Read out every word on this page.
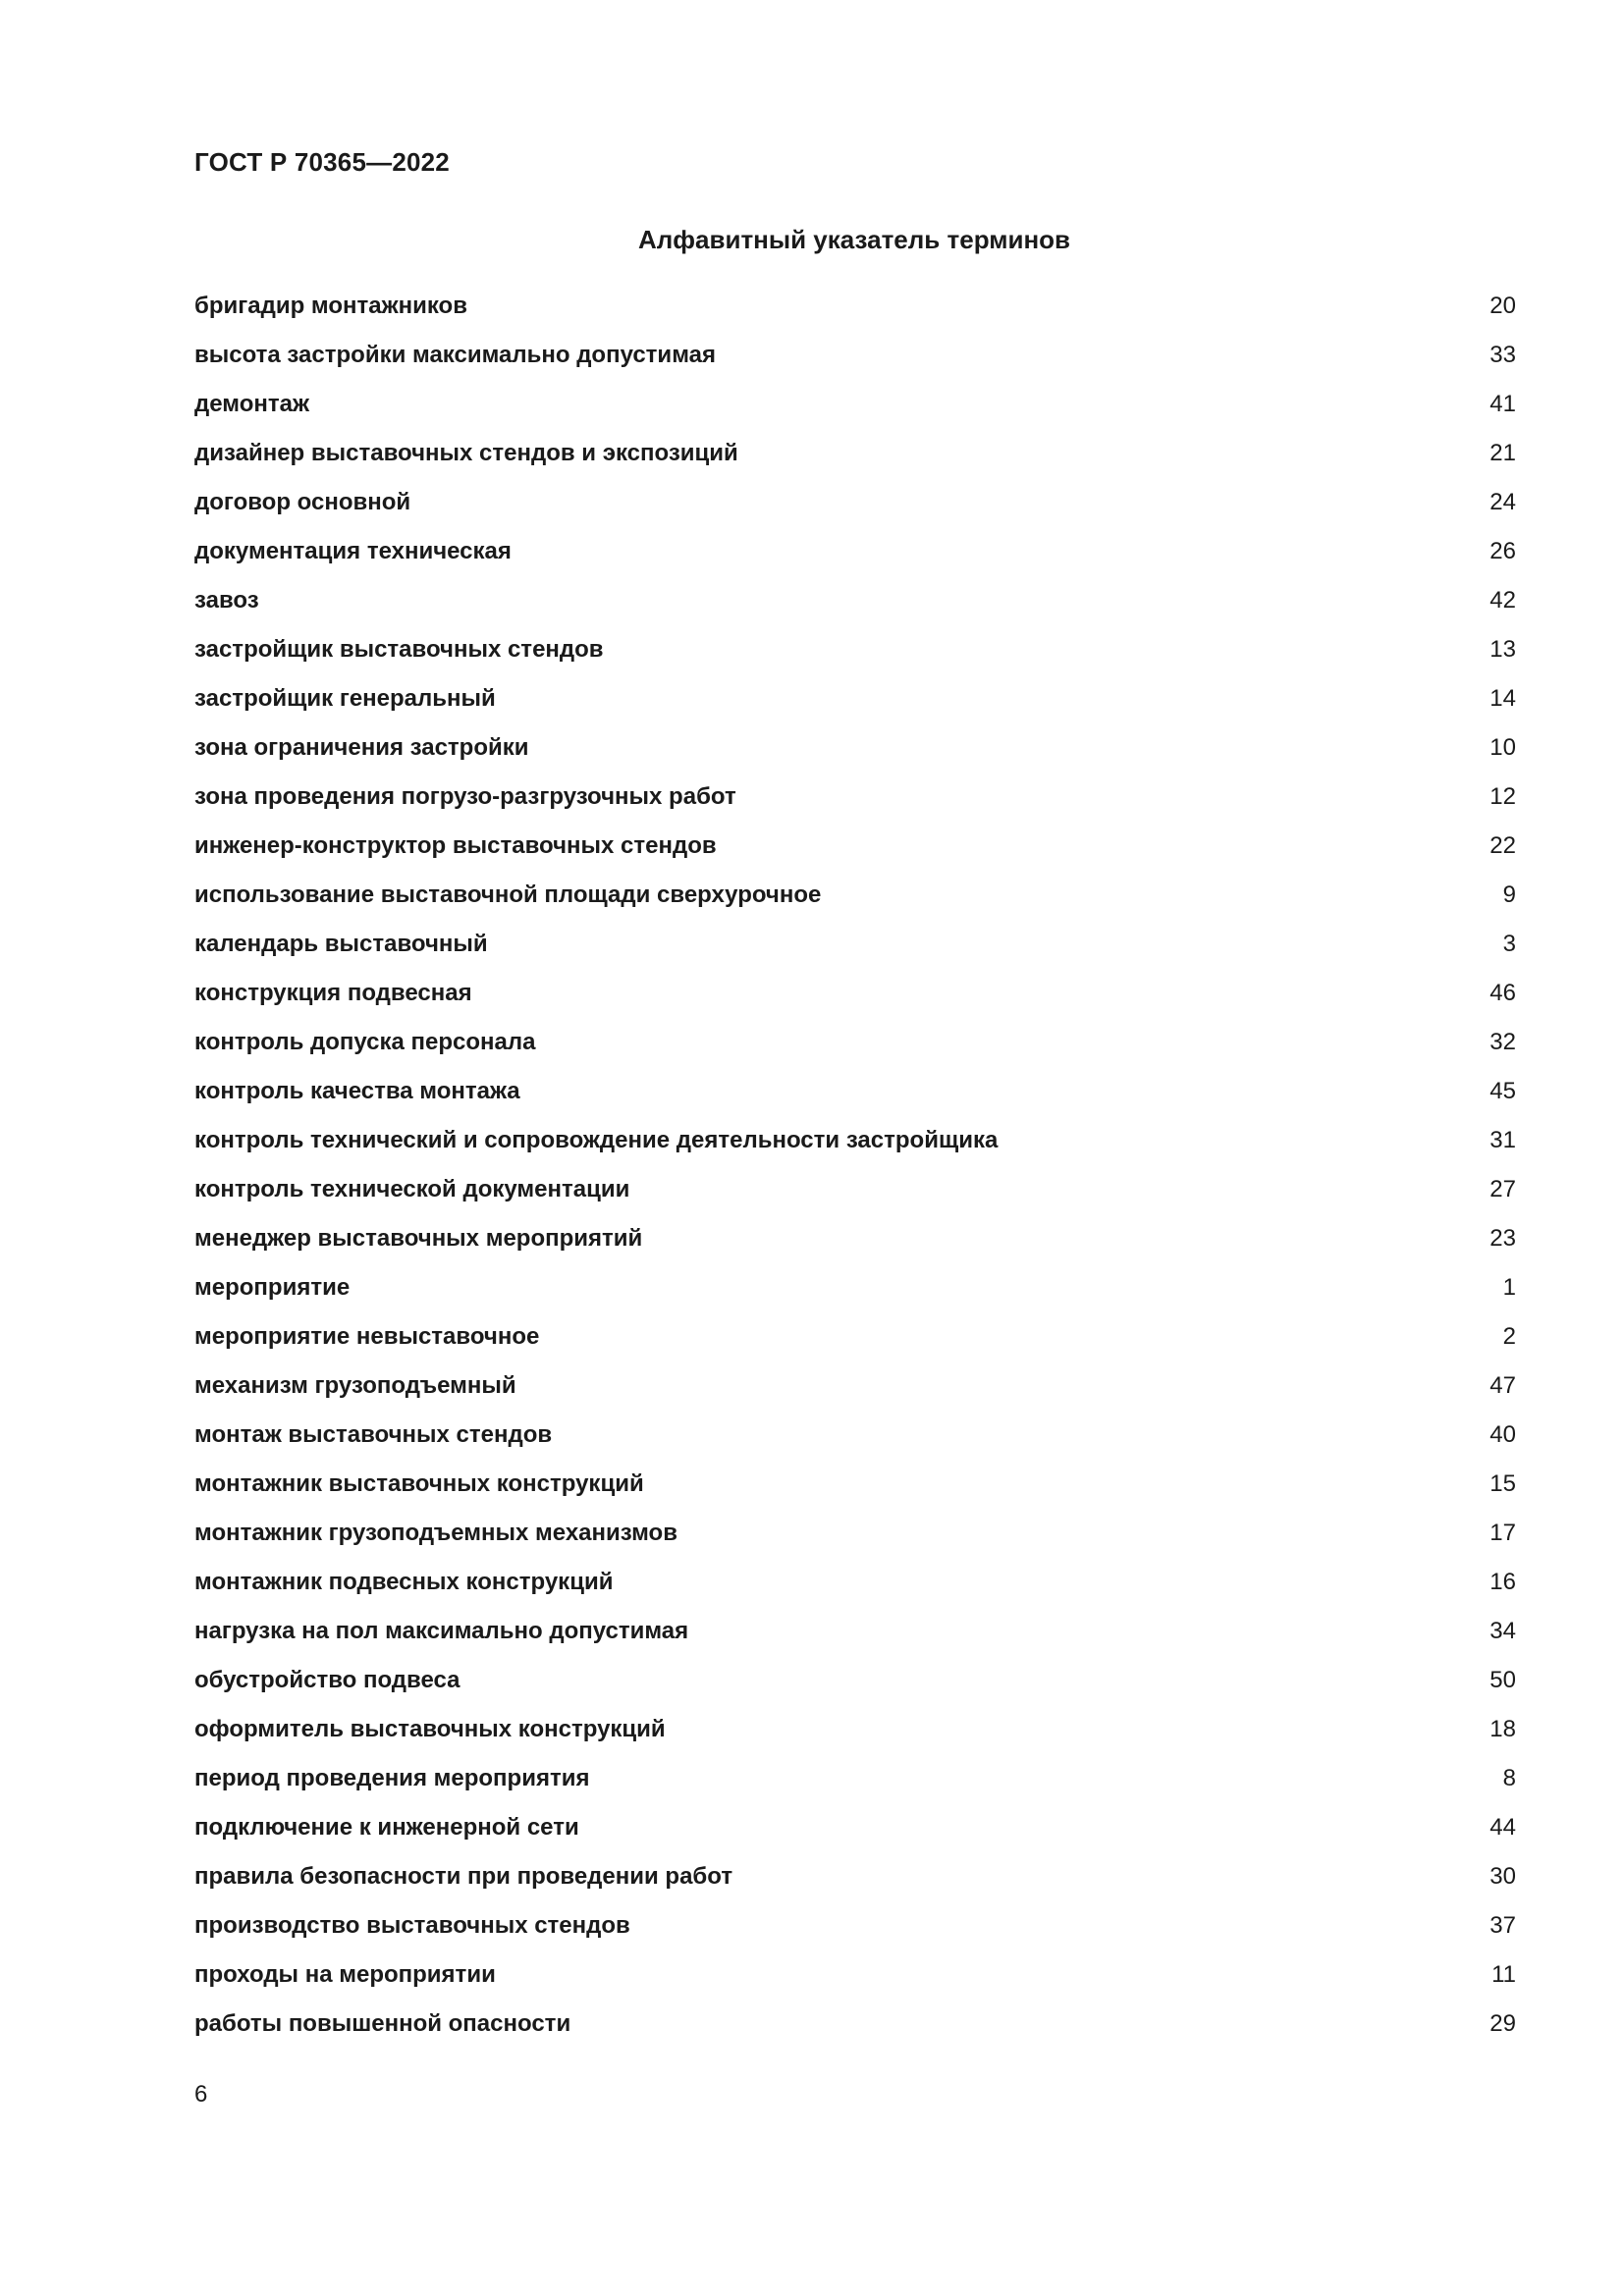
ГОСТ Р 70365—2022
Алфавитный указатель терминов
бригадир монтажников	20
высота застройки максимально допустимая	33
демонтаж	41
дизайнер выставочных стендов и экспозиций	21
договор основной	24
документация техническая	26
завоз	42
застройщик выставочных стендов	13
застройщик генеральный	14
зона ограничения застройки	10
зона проведения погрузо-разгрузочных работ	12
инженер-конструктор выставочных стендов	22
использование выставочной площади сверхурочное	9
календарь выставочный	3
конструкция подвесная	46
контроль допуска персонала	32
контроль качества монтажа	45
контроль технический и сопровождение деятельности застройщика	31
контроль технической документации	27
менеджер выставочных мероприятий	23
мероприятие	1
мероприятие невыставочное	2
механизм грузоподъемный	47
монтаж выставочных стендов	40
монтажник выставочных конструкций	15
монтажник грузоподъемных механизмов	17
монтажник подвесных конструкций	16
нагрузка на пол максимально допустимая	34
обустройство подвеса	50
оформитель выставочных конструкций	18
период проведения мероприятия	8
подключение к инженерной сети	44
правила безопасности при проведении работ	30
производство выставочных стендов	37
проходы на мероприятии	11
работы повышенной опасности	29
6
